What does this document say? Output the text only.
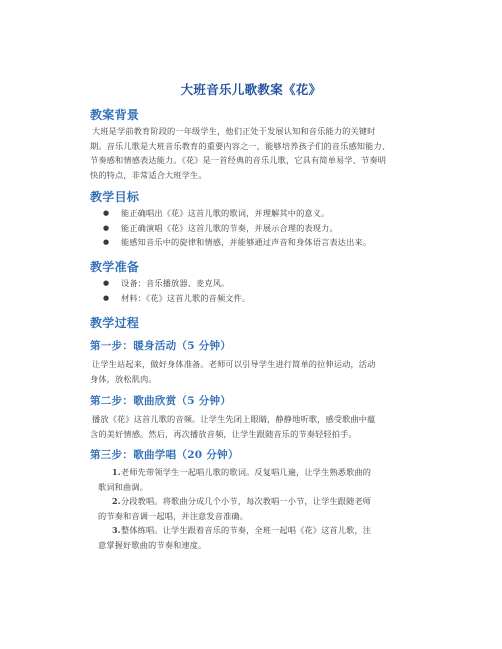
大班音乐儿歌教案《花》
教案背景
大班是学前教育阶段的一年级学生，他们正处于发展认知和音乐能力的关键时
期。音乐儿歌是大班音乐教育的重要内容之一，能够培养孩子们的音乐感知能力、
节奏感和情感表达能力。《花》是一首经典的音乐儿歌，它具有简单易学、节奏明
快的特点，非常适合大班学生。
教学目标
● 能正确唱出《花》这首儿歌的歌词，并理解其中的意义。
● 能正确演唱《花》这首儿歌的节奏，并展示合理的表现力。
● 能感知音乐中的旋律和情感，并能够通过声音和身体语言表达出来。
教学准备
● 设备：音乐播放器、麦克风。
● 材料：《花》这首儿歌的音频文件。
教学过程
第一步：暖身活动（5 分钟）
让学生站起来，做好身体准备。老师可以引导学生进行简单的拉伸运动，活动
身体，放松肌肉。
第二步：歌曲欣赏（5 分钟）
播放《花》这首儿歌的音频。让学生先闭上眼睛，静静地听歌，感受歌曲中蕴
含的美好情感。然后，再次播放音频，让学生跟随音乐的节奏轻轻拍手。
第三步：歌曲学唱（20 分钟）
1. 老师先带领学生一起唱儿歌的歌词。反复唱几遍，让学生熟悉歌曲的
歌词和曲调。
2. 分段教唱。将歌曲分成几个小节，每次教唱一小节，让学生跟随老师
的节奏和音调一起唱，并注意发音准确。
3. 整体练唱。让学生跟着音乐的节奏，全班一起唱《花》这首儿歌，注
意掌握好歌曲的节奏和速度。
